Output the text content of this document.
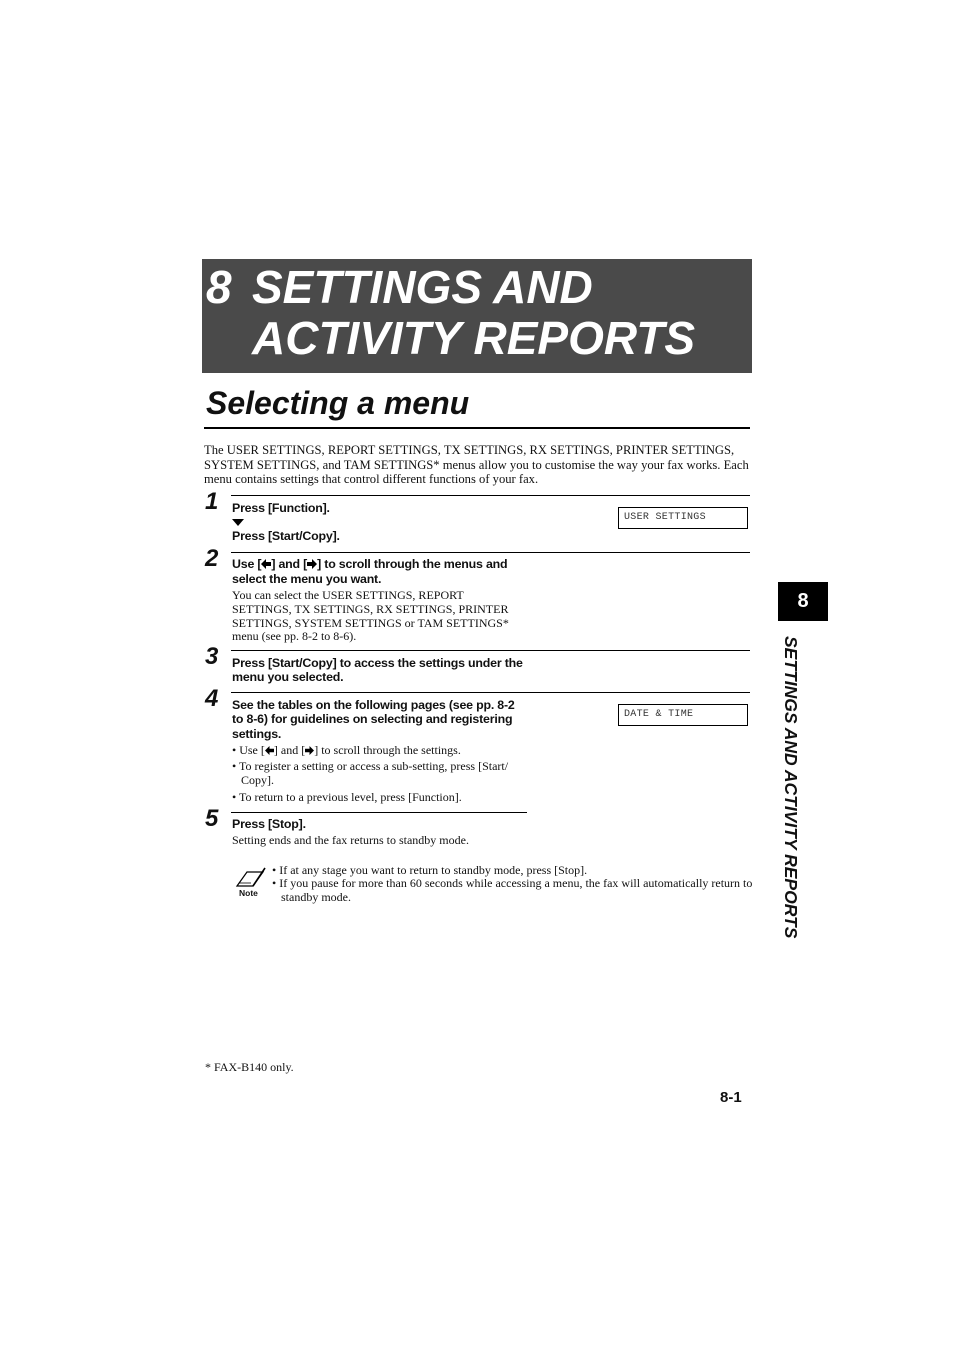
8 SETTINGS AND
ACTIVITY REPORTS
Selecting a menu
The USER SETTINGS, REPORT SETTINGS, TX SETTINGS, RX SETTINGS, PRINTER SETTINGS,
SYSTEM SETTINGS, and TAM SETTINGS* menus allow you to customise the way your fax works. Each
menu contains settings that control different functions of your fax.
1 Press [Function].
Press [Start/Copy].
USER SETTINGS
2 Use [ ] and [ ] to scroll through the menus and
select the menu you want.
You can select the USER SETTINGS, REPORT
SETTINGS, TX SETTINGS, RX SETTINGS, PRINTER
SETTINGS, SYSTEM SETTINGS or TAM SETTINGS*
menu (see pp. 8-2 to 8-6).
3 Press [Start/Copy] to access the settings under the
menu you selected.
4 See the tables on the following pages (see pp. 8-2
to 8-6) for guidelines on selecting and registering
settings.
DATE & TIME
• Use [ ] and [ ] to scroll through the settings.
• To register a setting or access a sub-setting, press [Start/
Copy].
• To return to a previous level, press [Function].
5 Press [Stop].
Setting ends and the fax returns to standby mode.
Note
• If at any stage you want to return to standby mode, press [Stop].
• If you pause for more than 60 seconds while accessing a menu, the fax will automatically return to
standby mode.
8
SETTINGS AND ACTIVITY REPORTS
* FAX-B140 only.
8-1
